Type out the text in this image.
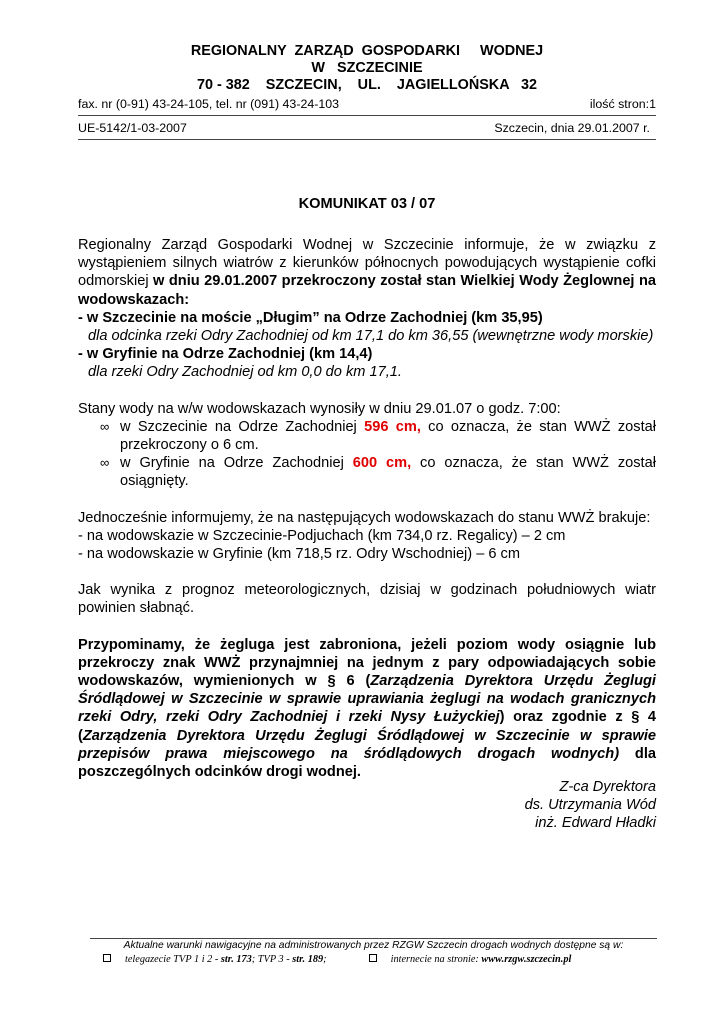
REGIONALNY  ZARZĄD  GOSPODARKI     WODNEJ
W   SZCZECINIE
70 - 382    SZCZECIN,    UL.    JAGIELLOŃSKA   32
fax. nr (0-91) 43-24-105, tel. nr (091) 43-24-103	ilość stron:1
UE-5142/1-03-2007	Szczecin, dnia 29.01.2007 r.
KOMUNIKAT 03 / 07

Regionalny Zarząd Gospodarki Wodnej w Szczecinie informuje, że w związku z wystąpieniem silnych wiatrów z kierunków północnych powodujących wystąpienie cofki odmorskiej w dniu 29.01.2007 przekroczony został stan Wielkiej Wody Żeglownej na wodowskazach:

- w Szczecinie na moście „Długim” na Odrze Zachodniej (km 35,95)

dla odcinka rzeki Odry Zachodniej od km 17,1 do km 36,55 (wewnętrzne wody morskie)

- w Gryfinie na Odrze Zachodniej (km 14,4)

dla rzeki Odry Zachodniej od km 0,0 do km 17,1.

Stany wody na w/w wodowskazach wynosiły w dniu 29.01.07 o godz. 7:00:

∞ w Szczecinie na Odrze Zachodniej 596 cm, co oznacza, że stan WWŻ został przekroczony o 6 cm.

∞ w Gryfinie na Odrze Zachodniej 600 cm, co oznacza, że stan WWŻ został osiągnięty.

Jednocześnie informujemy, że na następujących wodowskazach do stanu WWŻ brakuje:

- na wodowskazie w Szczecinie-Podjuchach (km 734,0 rz. Regalicy) – 2 cm

- na wodowskazie w Gryfinie (km 718,5 rz. Odry Wschodniej) – 6 cm

Jak wynika z prognoz meteorologicznych, dzisiaj w godzinach południowych wiatr powinien słabnąć.

Przypominamy, że żegluga jest zabroniona, jeżeli poziom wody osiągnie lub przekroczy znak WWŻ przynajmniej na jednym z pary odpowiadających sobie wodowskazów, wymienionych w § 6 (Zarządzenia Dyrektora Urzędu Żeglugi Śródlądowej w Szczecinie w sprawie uprawiania żeglugi na wodach granicznych rzeki Odry, rzeki Odry Zachodniej i rzeki Nysy Łużyckiej) oraz zgodnie z § 4 (Zarządzenia Dyrektora Urzędu Żeglugi Śródlądowej w Szczecinie w sprawie przepisów prawa miejscowego na śródlądowych drogach wodnych) dla poszczególnych odcinków drogi wodnej.

Z-ca Dyrektora
ds. Utrzymania Wód
inż. Edward Hładki
Aktualne warunki nawigacyjne na administrowanych przez RZGW Szczecin drogach wodnych dostępne są w:
telegazecie TVP 1 i 2 - str. 173; TVP 3 - str. 189;	internecie na stronie: www.rzgw.szczecin.pl
